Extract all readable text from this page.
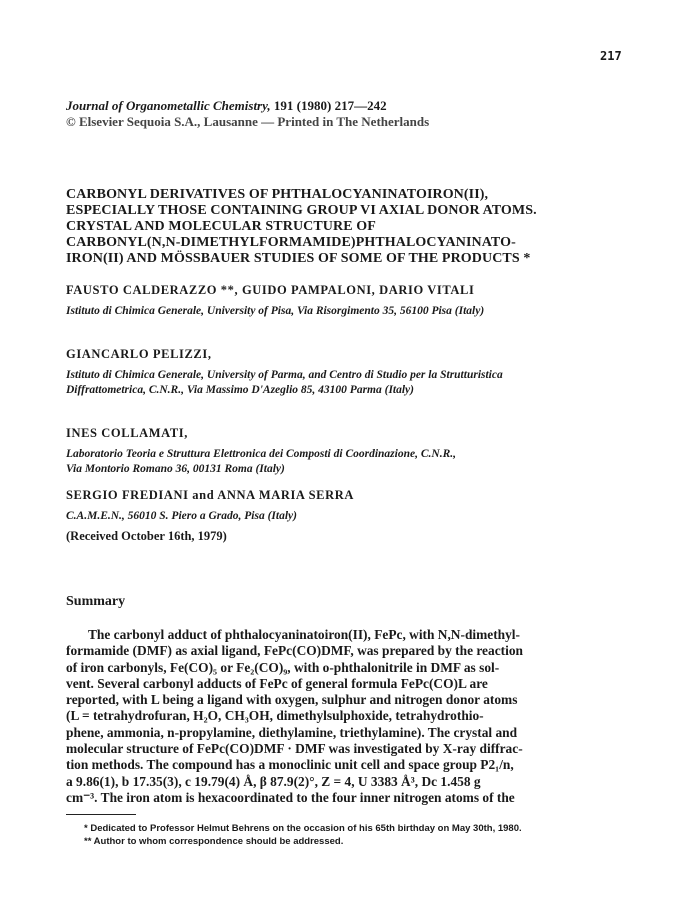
217
Journal of Organometallic Chemistry, 191 (1980) 217—242
© Elsevier Sequoia S.A., Lausanne — Printed in The Netherlands
CARBONYL DERIVATIVES OF PHTHALOCYANINATOIRON(II),
ESPECIALLY THOSE CONTAINING GROUP VI AXIAL DONOR ATOMS.
CRYSTAL AND MOLECULAR STRUCTURE OF
CARBONYL(N,N-DIMETHYLFORMAMIDE)PHTHALOCYANINATO-
IRON(II) AND MÖSSBAUER STUDIES OF SOME OF THE PRODUCTS *
FAUSTO CALDERAZZO **, GUIDO PAMPALONI, DARIO VITALI
Istituto di Chimica Generale, University of Pisa, Via Risorgimento 35, 56100 Pisa (Italy)
GIANCARLO PELIZZI,
Istituto di Chimica Generale, University of Parma, and Centro di Studio per la Strutturistica
Diffrattometrica, C.N.R., Via Massimo D'Azeglio 85, 43100 Parma (Italy)
INES COLLAMATI,
Laboratorio Teoria e Struttura Elettronica dei Composti di Coordinazione, C.N.R.,
Via Montorio Romano 36, 00131 Roma (Italy)
SERGIO FREDIANI and ANNA MARIA SERRA
C.A.M.E.N., 56010 S. Piero a Grado, Pisa (Italy)
(Received October 16th, 1979)
Summary
The carbonyl adduct of phthalocyaninatoiron(II), FePc, with N,N-dimethyl-
formamide (DMF) as axial ligand, FePc(CO)DMF, was prepared by the reaction
of iron carbonyls, Fe(CO)₅ or Fe₂(CO)₉, with o-phthalonitrile in DMF as sol-
vent. Several carbonyl adducts of FePc of general formula FePc(CO)L are
reported, with L being a ligand with oxygen, sulphur and nitrogen donor atoms
(L = tetrahydrofuran, H₂O, CH₃OH, dimethylsulphoxide, tetrahydrothio-
phene, ammonia, n-propylamine, diethylamine, triethylamine). The crystal and
molecular structure of FePc(CO)DMF · DMF was investigated by X-ray diffrac-
tion methods. The compound has a monoclinic unit cell and space group P2₁/n,
a 9.86(1), b 17.35(3), c 19.79(4) Å, β 87.9(2)°, Z = 4, U 3383 Å³, Dc 1.458 g
cm⁻³. The iron atom is hexacoordinated to the four inner nitrogen atoms of the
* Dedicated to Professor Helmut Behrens on the occasion of his 65th birthday on May 30th, 1980.
** Author to whom correspondence should be addressed.
